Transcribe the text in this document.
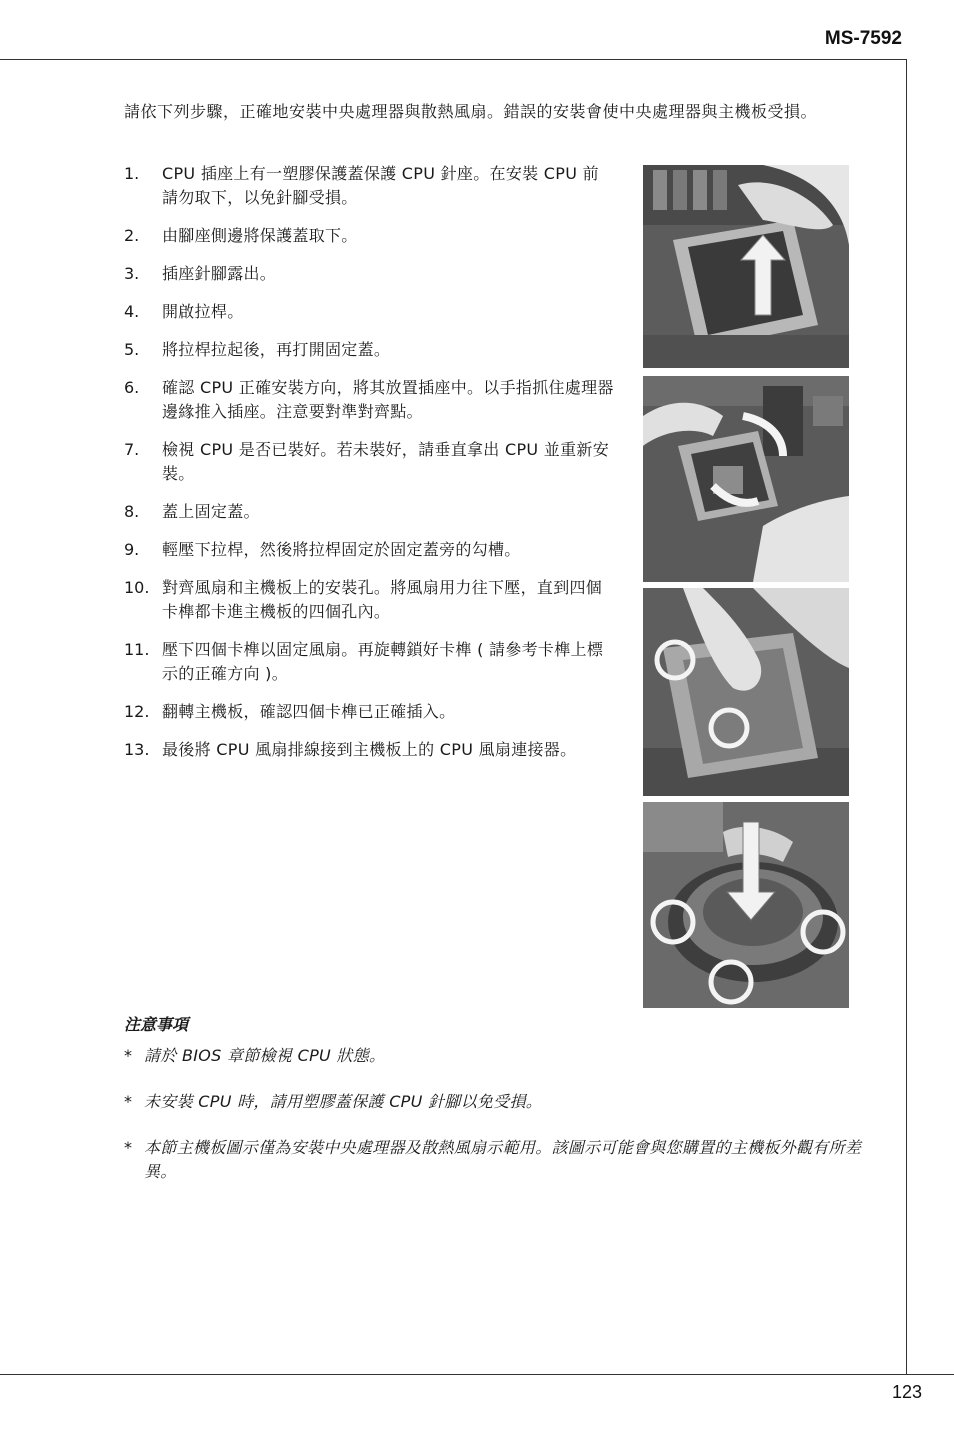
MS-7592
請依下列步驟，正確地安裝中央處理器與散熱風扇。錯誤的安裝會使中央處理器與主機板受損。
1.	CPU 插座上有一塑膠保護蓋保護 CPU 針座。在安裝 CPU 前請勿取下，以免針腳受損。
2.	由腳座側邊將保護蓋取下。
3.	插座針腳露出。
4.	開啟拉桿。
5.	將拉桿拉起後，再打開固定蓋。
6.	確認 CPU 正確安裝方向，將其放置插座中。以手指抓住處理器邊緣推入插座。注意要對準對齊點。
7.	檢視 CPU 是否已裝好。若未裝好，請垂直拿出 CPU 並重新安裝。
8.	蓋上固定蓋。
9.	輕壓下拉桿，然後將拉桿固定於固定蓋旁的勾槽。
10. 對齊風扇和主機板上的安裝孔。將風扇用力往下壓，直到四個卡榫都卡進主機板的四個孔內。
11. 壓下四個卡榫以固定風扇。再旋轉鎖好卡榫 ( 請參考卡榫上標示的正確方向 )。
12. 翻轉主機板，確認四個卡榫已正確插入。
13. 最後將 CPU 風扇排線接到主機板上的 CPU 風扇連接器。
注意事項
* 請於 BIOS 章節檢視 CPU 狀態。
* 未安裝 CPU 時，請用塑膠蓋保護 CPU 針腳以免受損。
* 本節主機板圖示僅為安裝中央處理器及散熱風扇示範用。該圖示可能會與您購置的主機板外觀有所差異。
123
